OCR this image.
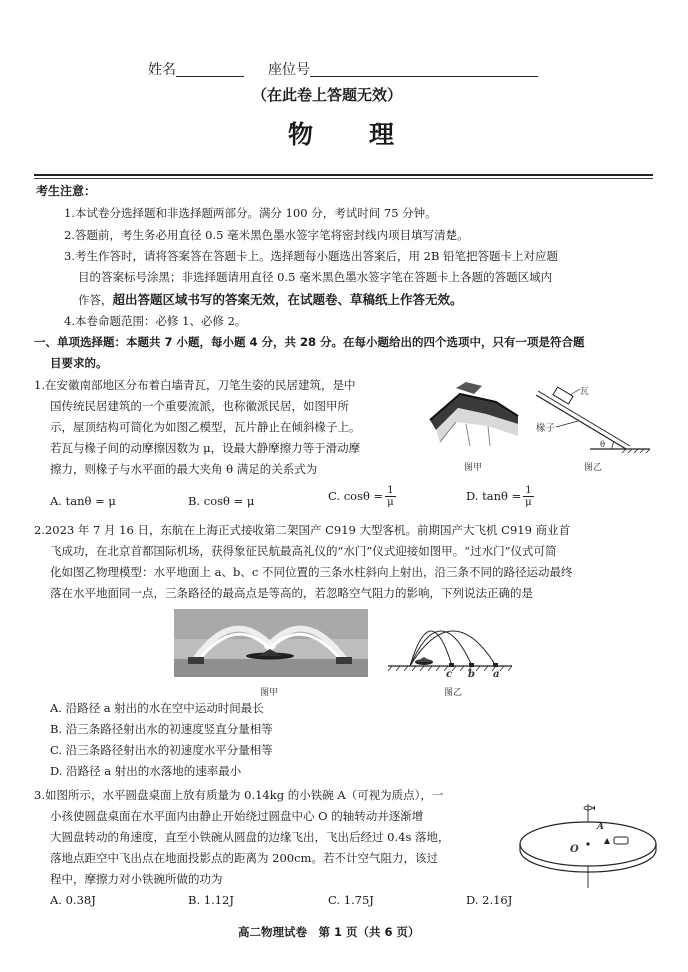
姓名	座位号
（在此卷上答题无效）
物　　理
考生注意：
1.本试卷分选择题和非选择题两部分。满分 100 分，考试时间 75 分钟。
2.答题前，考生务必用直径 0.5 毫米黑色墨水签字笔将密封线内项目填写清楚。
3.考生作答时，请将答案答在答题卡上。选择题每小题选出答案后，用 2B 铅笔把答题卡上对应题
目的答案标号涂黑；非选择题请用直径 0.5 毫米黑色墨水签字笔在答题卡上各题的答题区域内
作答，超出答题区域书写的答案无效，在试题卷、草稿纸上作答无效。
4.本卷命题范围：必修 1、必修 2。
一、单项选择题：本题共 7 小题，每小题 4 分，共 28 分。在每小题给出的四个选项中，只有一项是符合题
目要求的。
1.在安徽南部地区分布着白墙青瓦，刀笔生姿的民居建筑，是中
国传统民居建筑的一个重要流派，也称徽派民居，如图甲所
示，屋顶结构可简化为如图乙模型，瓦片静止在倾斜椽子上。
若瓦与椽子间的动摩擦因数为 μ，设最大静摩擦力等于滑动摩
擦力，则椽子与水平面的最大夹角 θ 满足的关系式为	图甲
瓦
椽子
θ
图乙
A. tanθ = μ	B. cosθ = μ	C. $\cos\theta = \frac{1}{\mu}$	D. $\tan\theta = \frac{1}{\mu}$
2.2023 年 7 月 16 日，东航在上海正式接收第二架国产 C919 大型客机。前期国产大飞机 C919 商业首
飞成功，在北京首都国际机场，获得象征民航最高礼仪的“水门”仪式迎接如图甲。“过水门”仪式可简
化如图乙物理模型：水平地面上 a、b、c 不同位置的三条水柱斜向上射出，沿三条不同的路径运动最终
落在水平地面同一点，三条路径的最高点是等高的，若忽略空气阻力的影响，下列说法正确的是
图甲
c b a
图乙
A. 沿路径 a 射出的水在空中运动时间最长
B. 沿三条路径射出水的初速度竖直分量相等
C. 沿三条路径射出水的初速度水平分量相等
D. 沿路径 a 射出的水落地的速率最小
3.如图所示，水平圆盘桌面上放有质量为 0.14kg 的小铁碗 A（可视为质点），一
小孩使圆盘桌面在水平面内由静止开始绕过圆盘中心 O 的轴转动并逐渐增
大圆盘转动的角速度，直至小铁碗从圆盘的边缘飞出，飞出后经过 0.4s 落地，
落地点距空中飞出点在地面投影点的距离为 200cm。若不计空气阻力，该过
程中，摩擦力对小铁碗所做的功为
O
A
A. 0.38J	B. 1.12J	C. 1.75J	D. 2.16J
高二物理试卷　第 1 页（共 6 页）
